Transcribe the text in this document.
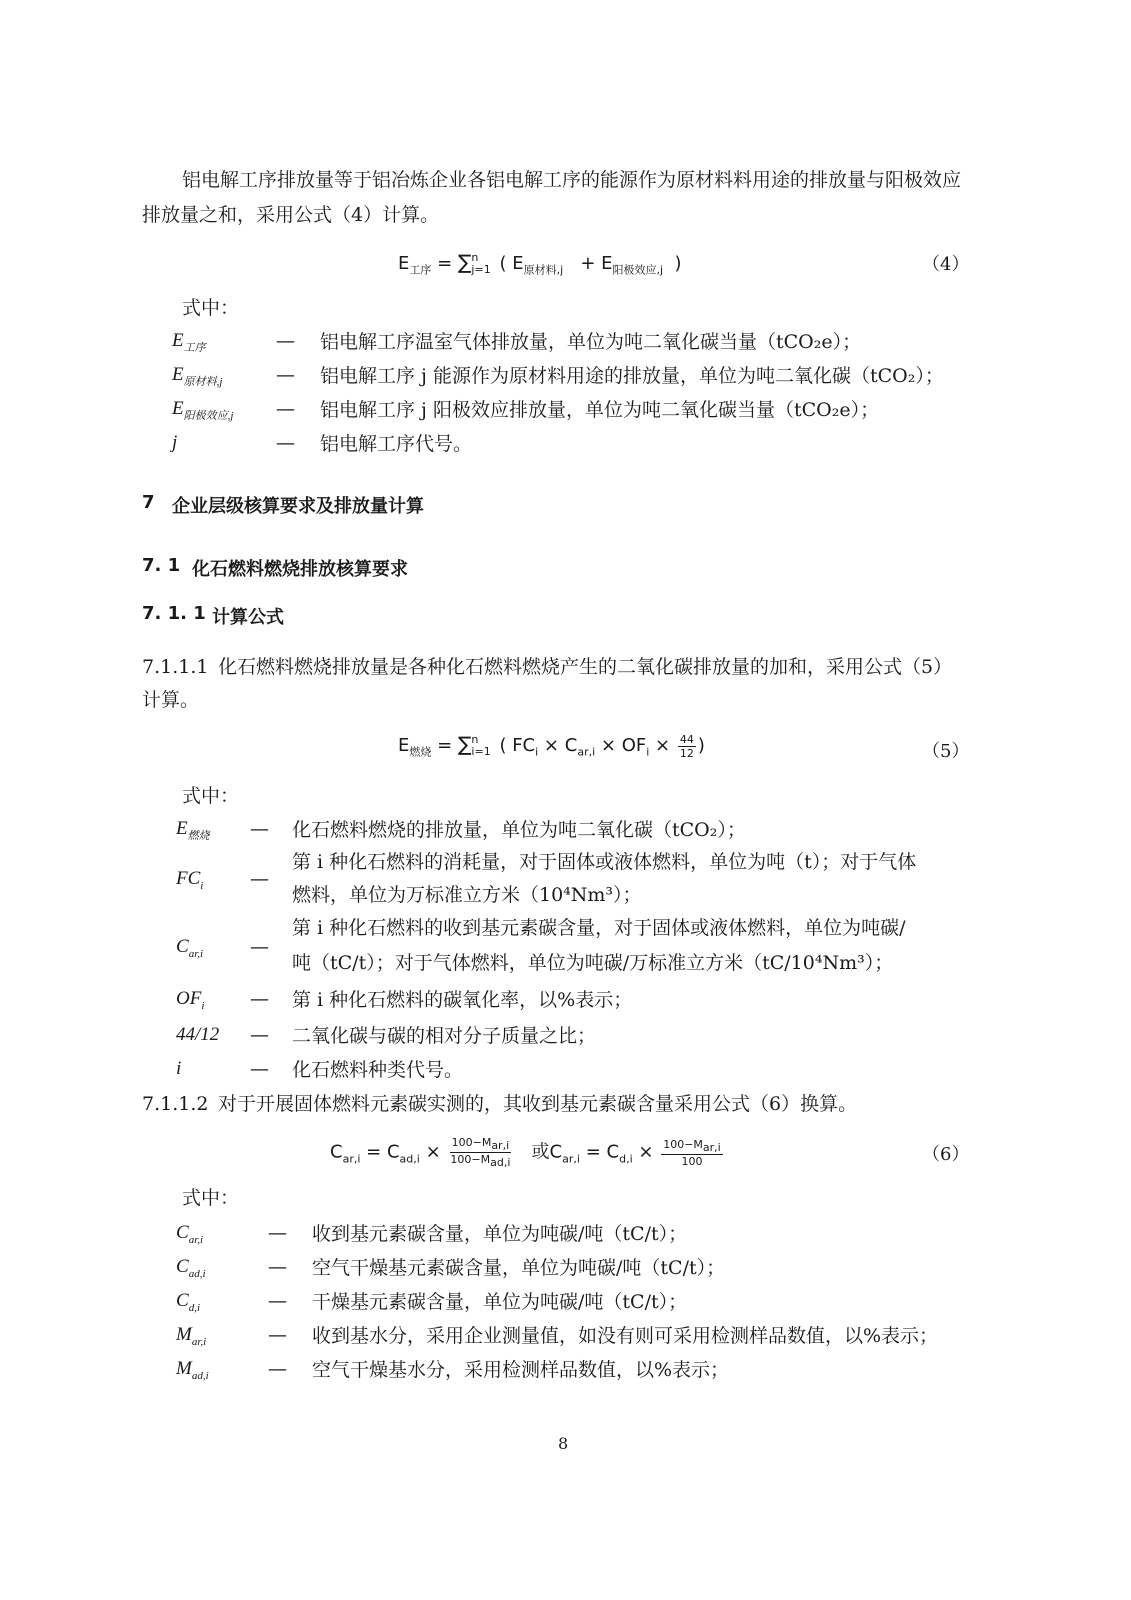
铝电解工序排放量等于铝冶炼企业各铝电解工序的能源作为原材料料用途的排放量与阳极效应
排放量之和，采用公式（4）计算。
$E_{工序}$ = ∑ n
j=1 ( $E_{原材料,j} + E_{阳极效应,j}$ )	（4）
式中：
$E_{工序}$	— 铝电解工序温室气体排放量，单位为吨二氧化碳当量（tCO₂e）；
$E_{原材料,j}$	— 铝电解工序 j 能源作为原材料用途的排放量，单位为吨二氧化碳（tCO₂）；
$E_{阳极效应,j}$ — 铝电解工序 j 阳极效应排放量，单位为吨二氧化碳当量（tCO₂e）；
j	— 铝电解工序代号。
7 企业层级核算要求及排放量计算
7. 1 化石燃料燃烧排放核算要求
7. 1. 1 计算公式
7.1.1.1 化石燃料燃烧排放量是各种化石燃料燃烧产生的二氧化碳排放量的加和，采用公式（5）
计算。
$E_{燃烧}$ = ∑ n
i=1 ( $FC_i \times C_{ar,i} \times OF_i \times \frac{44}{12}$ )	（5）
式中：
$E_{燃烧}$ — 化石燃料燃烧的排放量，单位为吨二氧化碳（tCO₂）；
$FC_i$ —
第 i 种化石燃料的消耗量，对于固体或液体燃料，单位为吨（t）；对于气体
燃料，单位为万标准立方米（10⁴Nm³）；
$C_{ar,i}$ —
第 i 种化石燃料的收到基元素碳含量，对于固体或液体燃料，单位为吨碳/
吨（tC/t）；对于气体燃料，单位为吨碳/万标准立方米（tC/10⁴Nm³）；
$OF_i$ — 第 i 种化石燃料的碳氧化率，以%表示；
44/12 — 二氧化碳与碳的相对分子质量之比；
i	— 化石燃料种类代号。
7.1.1.2 对于开展固体燃料元素碳实测的，其收到基元素碳含量采用公式（6）换算。
$C_{ar,i} = C_{ad,i} \times \frac{100-M_{ar,i}}{100-M_{ad,i}}$ 或$C_{ar,i} = C_{d,i} \times \frac{100-M_{ar,i}}{100}$	（6）
式中：
$C_{ar,i}$	— 收到基元素碳含量，单位为吨碳/吨（tC/t）；
$C_{ad,i}$	— 空气干燥基元素碳含量，单位为吨碳/吨（tC/t）；
$C_{d,i}$	— 干燥基元素碳含量，单位为吨碳/吨（tC/t）；
$M_{ar,i}$	— 收到基水分，采用企业测量值，如没有则可采用检测样品数值，以%表示；
$M_{ad,i}$	— 空气干燥基水分，采用检测样品数值，以%表示；
8
